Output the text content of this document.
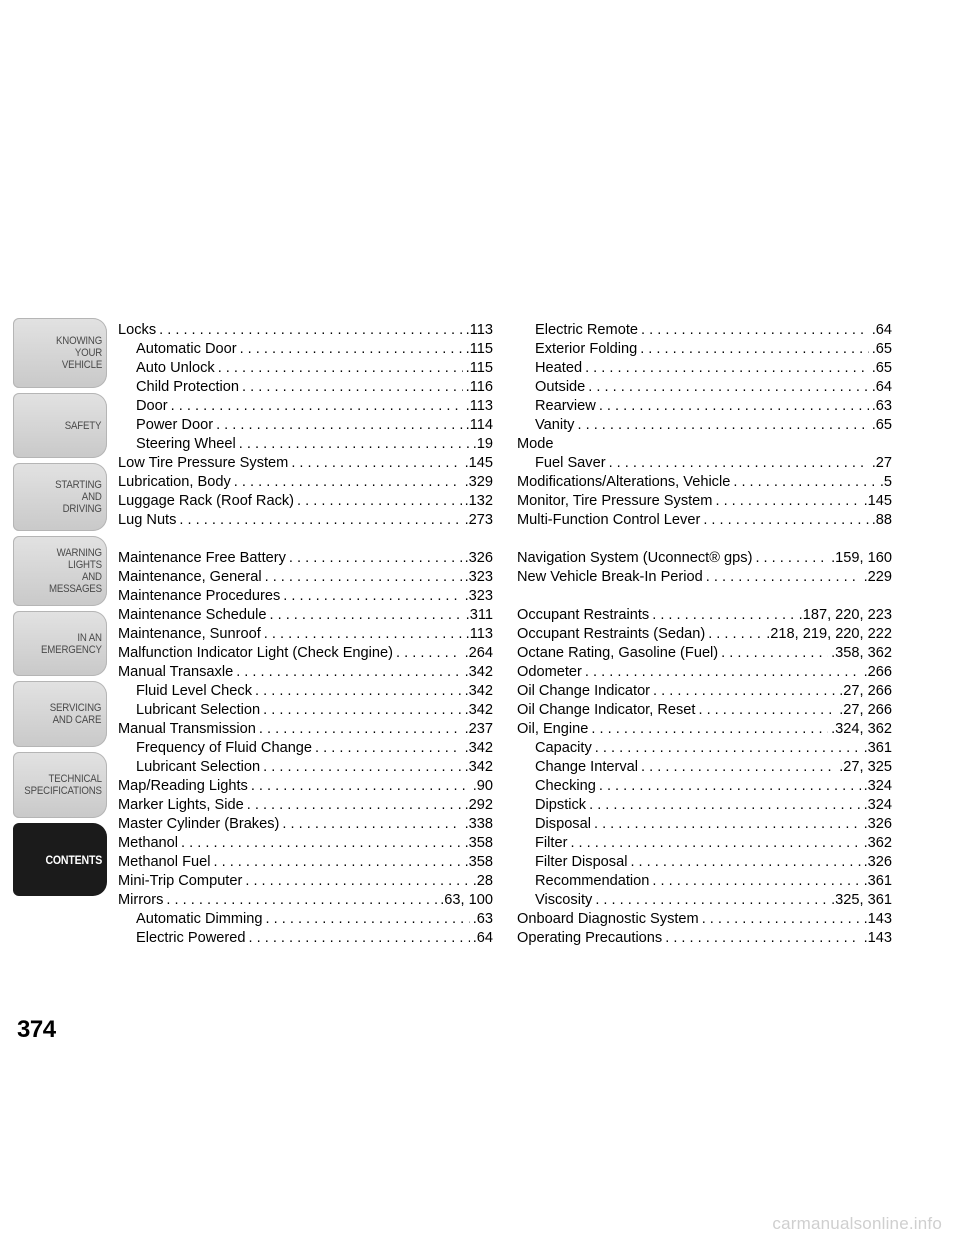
KNOWING
YOUR
VEHICLE
SAFETY
STARTING
AND
DRIVING
WARNING
LIGHTS
AND
MESSAGES
IN AN
EMERGENCY
SERVICING
AND CARE
TECHNICAL
SPECIFICATIONS
CONTENTS
374
Locks . . .	.113
Automatic Door . . .	.115
Auto Unlock . . .	.115
Child Protection . . .	.116
Door . . .	.113
Power Door . . .	.114
Steering Wheel . . .	.19
Low Tire Pressure System . . .	.145
Lubrication, Body . . .	.329
Luggage Rack (Roof Rack) . . .	.132
Lug Nuts . . .	.273
Maintenance Free Battery . . .	.326
Maintenance, General . . .	.323
Maintenance Procedures . . .	.323
Maintenance Schedule . . .	.311
Maintenance, Sunroof . . .	.113
Malfunction Indicator Light (Check Engine) . . .	.264
Manual Transaxle . . .	.342
Fluid Level Check . . .	.342
Lubricant Selection . . .	.342
Manual Transmission . . .	.237
Frequency of Fluid Change . . .	.342
Lubricant Selection . . .	.342
Map/Reading Lights . . .	.90
Marker Lights, Side . . .	.292
Master Cylinder (Brakes) . . .	.338
Methanol . . .	.358
Methanol Fuel . . .	.358
Mini-Trip Computer . . .	.28
Mirrors . . .	.63, 100
Automatic Dimming . . .	.63
Electric Powered . . .	.64
Electric Remote . . .	.64
Exterior Folding . . .	.65
Heated . . .	.65
Outside . . .	.64
Rearview . . .	.63
Vanity . . .	.65
Mode
Fuel Saver . . .	.27
Modifications/Alterations, Vehicle . . .	.5
Monitor, Tire Pressure System . . .	.145
Multi-Function Control Lever . . .	.88
Navigation System (Uconnect® gps) . . .	.159, 160
New Vehicle Break-In Period . . .	.229
Occupant Restraints . . .	.187, 220, 223
Occupant Restraints (Sedan) . . .	.218, 219, 220, 222
Octane Rating, Gasoline (Fuel) . . .	.358, 362
Odometer . . .	.266
Oil Change Indicator . . .	.27, 266
Oil Change Indicator, Reset . . .	.27, 266
Oil, Engine . . .	.324, 362
Capacity . . .	.361
Change Interval . . .	.27, 325
Checking . . .	.324
Dipstick . . .	.324
Disposal . . .	.326
Filter . . .	.362
Filter Disposal . . .	.326
Recommendation . . .	.361
Viscosity . . .	.325, 361
Onboard Diagnostic System . . .	.143
Operating Precautions . . .	.143
carmanualsonline.info
